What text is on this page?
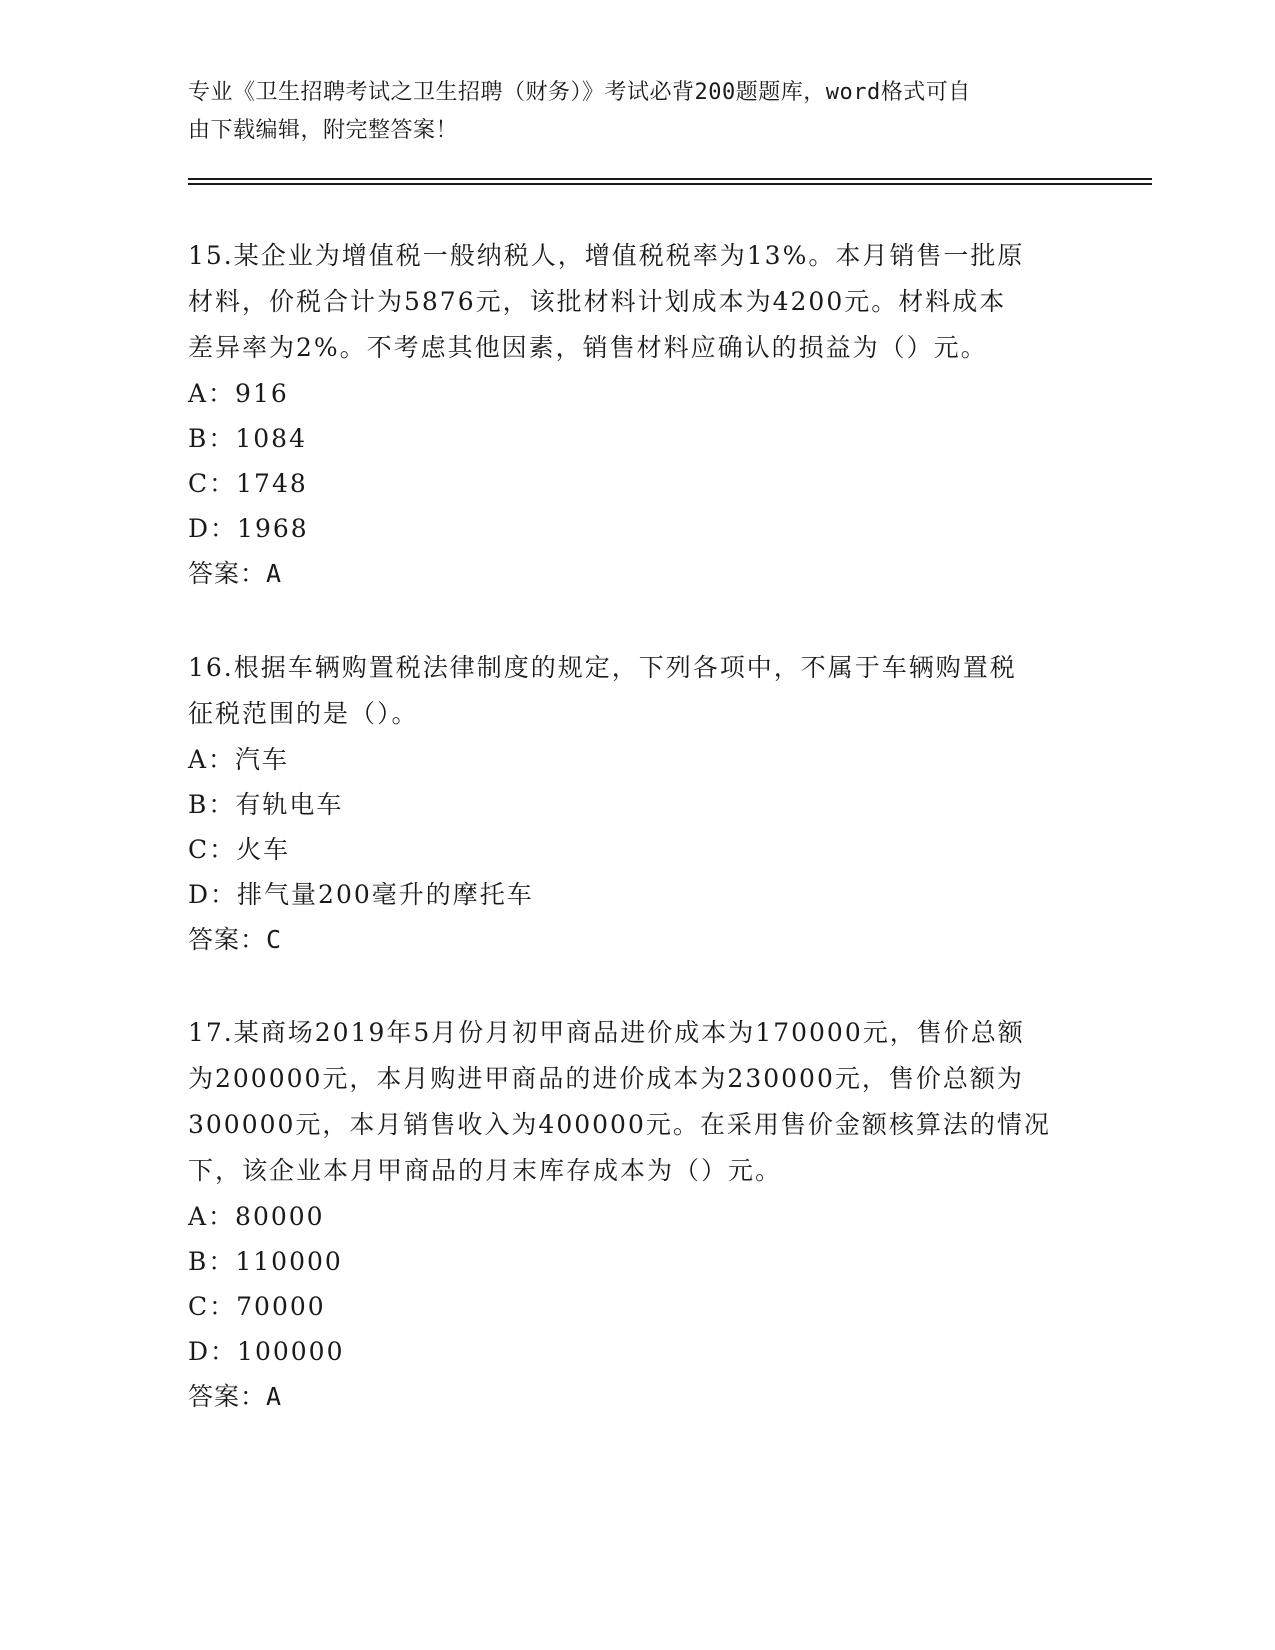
专业《卫生招聘考试之卫生招聘（财务）》考试必背200题题库，word格式可自
由下载编辑，附完整答案！

15.某企业为增值税一般纳税人，增值税税率为13%。本月销售一批原

材料，价税合计为5876元，该批材料计划成本为4200元。材料成本

差异率为2%。不考虑其他因素，销售材料应确认的损益为（）元。

A：916

B：1084

C：1748

D：1968

答案：A

16.根据车辆购置税法律制度的规定，下列各项中，不属于车辆购置税

征税范围的是（）。

A：汽车

B：有轨电车

C：火车

D：排气量200毫升的摩托车

答案：C

17.某商场2019年5月份月初甲商品进价成本为170000元，售价总额

为200000元，本月购进甲商品的进价成本为230000元，售价总额为

300000元，本月销售收入为400000元。在采用售价金额核算法的情况

下，该企业本月甲商品的月末库存成本为（）元。

A：80000

B：110000

C：70000

D：100000

答案：A
